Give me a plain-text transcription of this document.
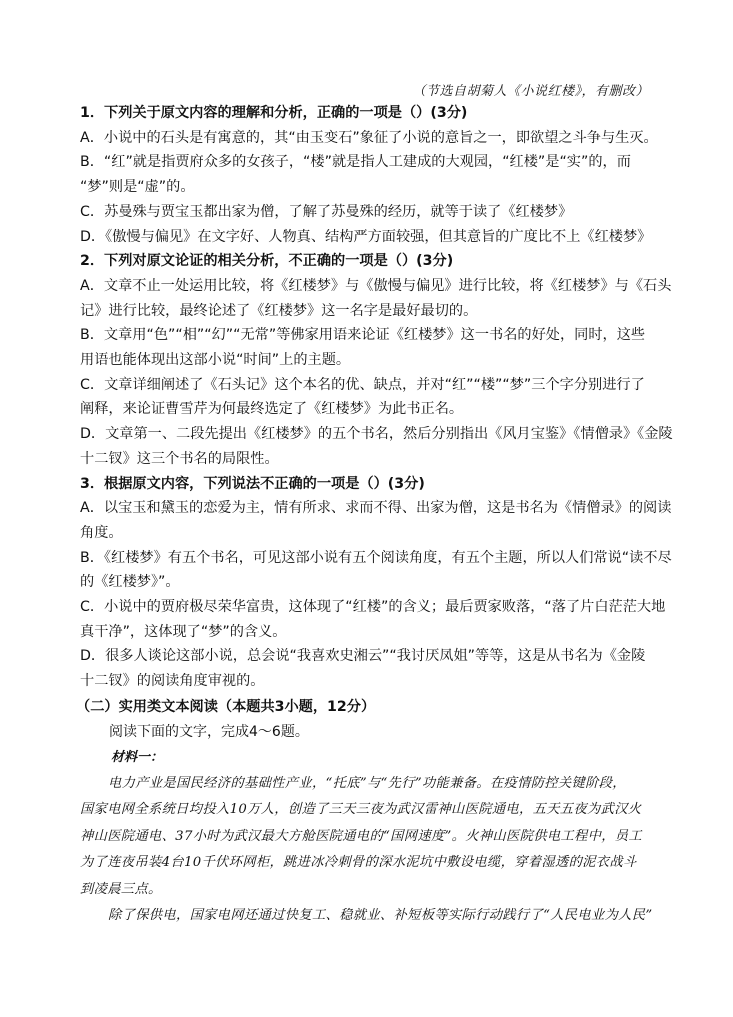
（节选自胡菊人《小说红楼》，有删改）
1．下列关于原文内容的理解和分析，正确的一项是（）(3分)
A．小说中的石头是有寓意的，其“由玉变石”象征了小说的意旨之一，即欲望之斗争与生灭。
B．“红”就是指贾府众多的女孩子，“楼”就是指人工建成的大观园，“红楼”是“实”的，而
“梦”则是“虚”的。
C．苏曼殊与贾宝玉都出家为僧，了解了苏曼殊的经历，就等于读了《红楼梦》
D．《傲慢与偏见》在文字好、人物真、结构严方面较强，但其意旨的广度比不上《红楼梦》
2．下列对原文论证的相关分析，不正确的一项是（）(3分)
A．文章不止一处运用比较，将《红楼梦》与《傲慢与偏见》进行比较，将《红楼梦》与《石头
记》进行比较，最终论述了《红楼梦》这一名字是最好最切的。
B．文章用“色”“相”“幻”“无常”等佛家用语来论证《红楼梦》这一书名的好处，同时，这些
用语也能体现出这部小说“时间”上的主题。
C．文章详细阐述了《石头记》这个本名的优、缺点，并对“红”“楼”“梦”三个字分别进行了
阐释，来论证曹雪芹为何最终选定了《红楼梦》为此书正名。
D．文章第一、二段先提出《红楼梦》的五个书名，然后分别指出《风月宝鉴》《情僧录》《金陵
十二钗》这三个书名的局限性。
3．根据原文内容，下列说法不正确的一项是（）(3分)
A．以宝玉和黛玉的恋爱为主，情有所求、求而不得、出家为僧，这是书名为《情僧录》的阅读
角度。
B．《红楼梦》有五个书名，可见这部小说有五个阅读角度，有五个主题，所以人们常说“读不尽
的《红楼梦》”。
C．小说中的贾府极尽荣华富贵，这体现了“红楼”的含义；最后贾家败落，“落了片白茫茫大地
真干净”，这体现了“梦”的含义。
D．很多人谈论这部小说，总会说“我喜欢史湘云”“我讨厌凤姐”等等，这是从书名为《金陵
十二钗》的阅读角度审视的。
（二）实用类文本阅读（本题共3小题，12分）
阅读下面的文字，完成4～6题。
材料一：
电力产业是国民经济的基础性产业，“托底”与“先行”功能兼备。在疫情防控关键阶段，
国家电网全系统日均投入10万人，创造了三天三夜为武汉雷神山医院通电，五天五夜为武汉火
神山医院通电、37小时为武汉最大方舱医院通电的“国网速度”。火神山医院供电工程中，员工
为了连夜吊装4台10千伏环网柜，跳进冰冷刺骨的深水泥坑中敷设电缆，穿着湿透的泥衣战斗
到凌晨三点。
除了保供电，国家电网还通过快复工、稳就业、补短板等实际行动践行了“人民电业为人民”
